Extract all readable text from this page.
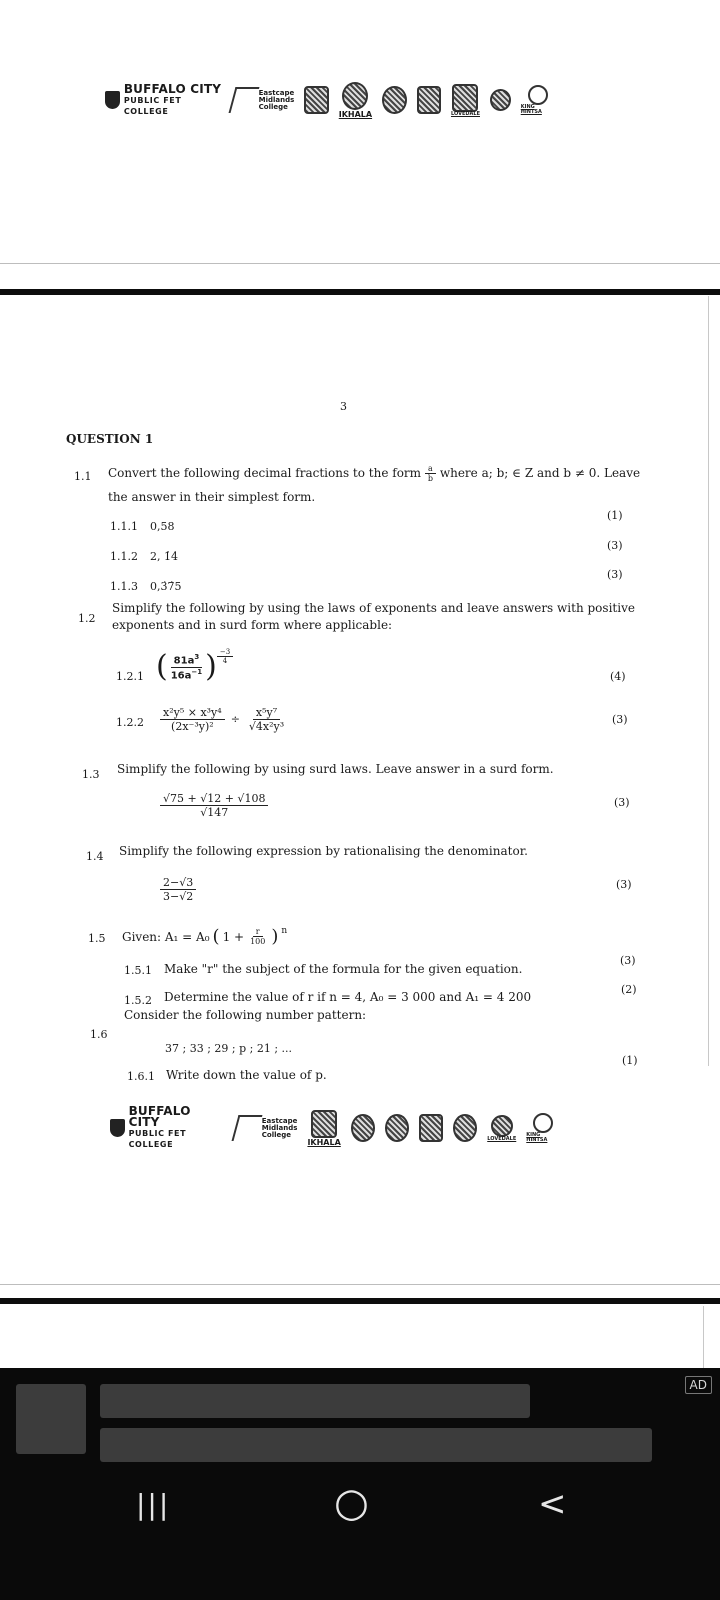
BUFFALO CITY
PUBLIC FET COLLEGE
Eastcape
Midlands
College
IKHALA	LOVEDALE
KING HINTSA
3
QUESTION 1
1.1 Convert the following decimal fractions to the form $\frac{a}{b}$ where a; b; ∈ Z and b ≠ 0. Leave
the answer in their simplest form.
1.1.1 0,58
(1)
1.1.2 2, 1̇4̇
(3)
1.1.3 0,3̇7̇5
(3)
1.2
Simplify the following by using the laws of exponents and leave answers with positive
exponents and in surd form where applicable:
1.2.1 ( $\frac{81a^3}{16a^{-1}}$ ) $\frac{-3}{4}$
(4)
$1.2.2 \frac{\text{x²y⁵ × x³y⁴}}{\text{(2x⁻³y)²}} \div \frac{\text{x⁵y⁷}}{\text{√4x²y³}}$	(3)
1.3 Simplify the following by using surd laws. Leave answer in a surd form.
$\frac{√75 + √12 + √108}{√147}$	(3)
1.4 Simplify the following expression by rationalising the denominator.
$\frac{2-√3}{3-√2}$	(3)
1.5 Given: A₁ = A₀ ( $1 + \frac{r}{100}$ ) n
1.5.1 Make "r" the subject of the formula for the given equation.
(3)
1.5.2 Determine the value of r if n = 4, A₀ = 3 000 and A₁ = 4 200
(2)
Consider the following number pattern:
1.6
37 ; 33 ; 29 ; p ; 21 ; ...
1.6.1 Write down the value of p.
(1)
BUFFALO CITY
PUBLIC FET COLLEGE
Eastcape
Midlands
College
IKHALA	LOVEDALE
KING HINTSA
AD
|||	○	<
